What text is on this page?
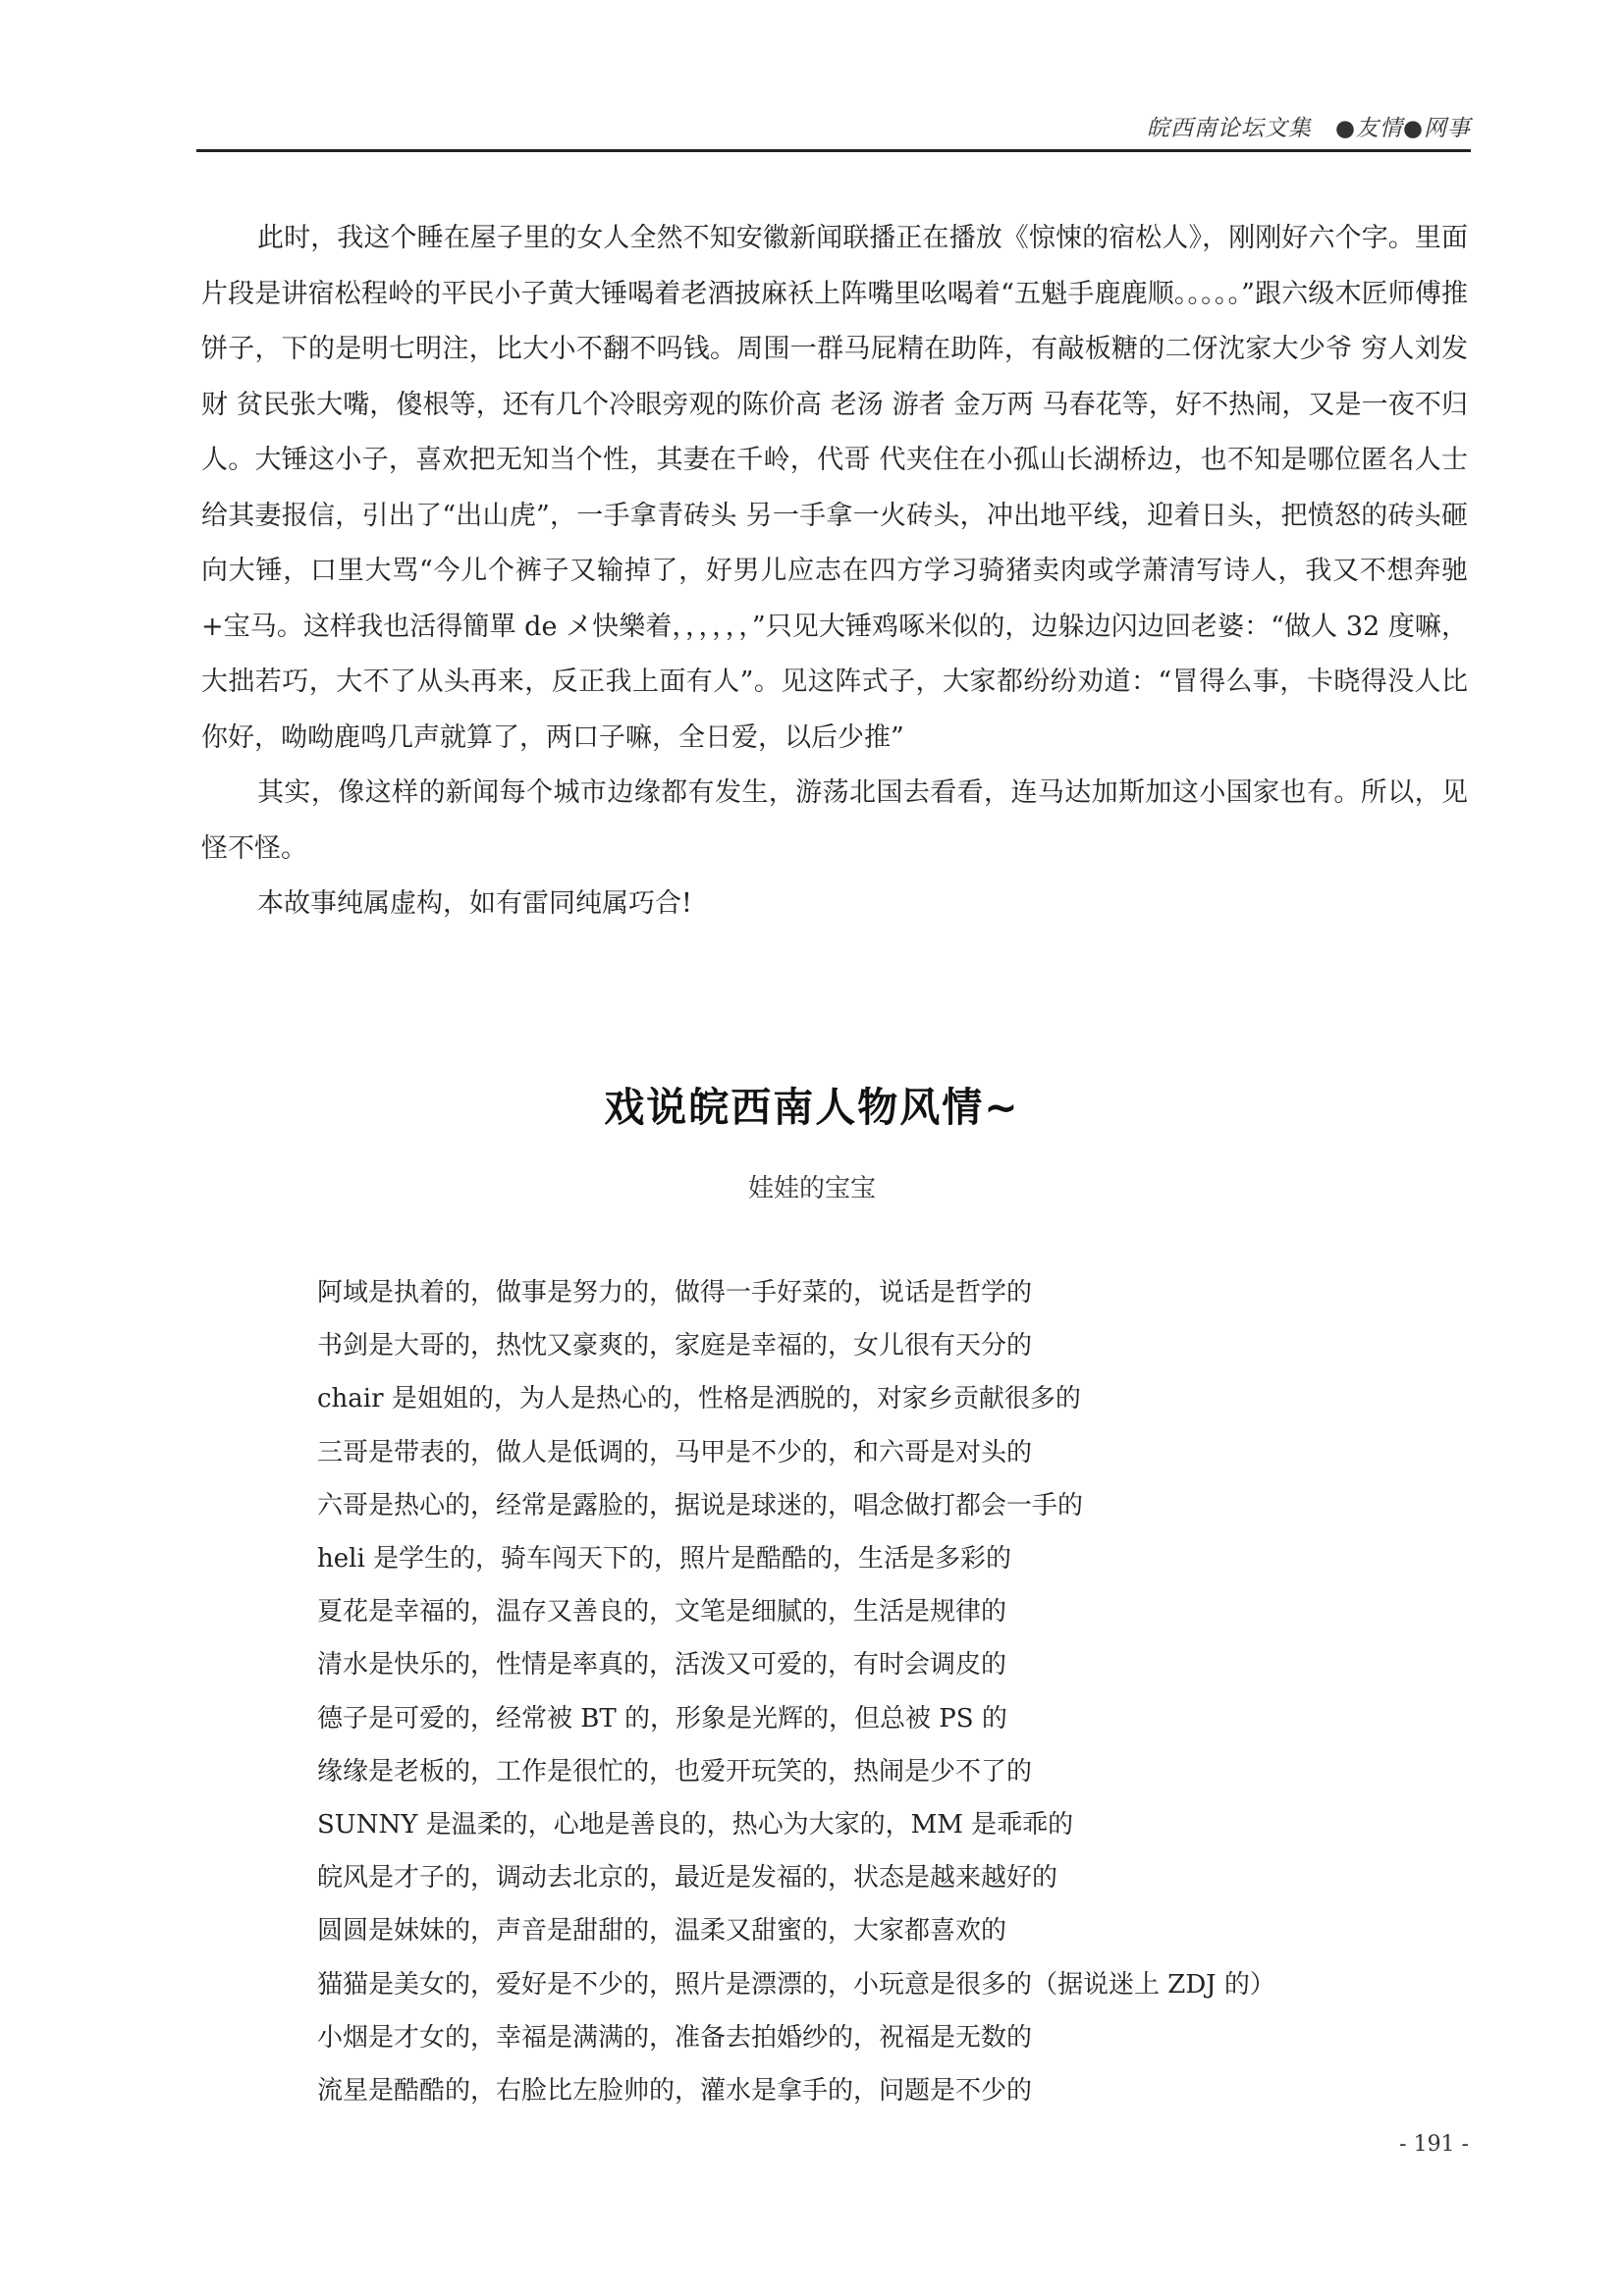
皖西南论坛文集　●友情●网事

此时，我这个睡在屋子里的女人全然不知安徽新闻联播正在播放《惊悚的宿松人》，刚刚好六个字。里面片段是讲宿松程岭的平民小子黄大锤喝着老酒披麻袄上阵嘴里吆喝着“五魁手鹿鹿顺。。。。。”跟六级木匠师傅推饼子，下的是明七明注，比大小不翻不吗钱。周围一群马屁精在助阵，有敲板糖的二伢沈家大少爷 穷人刘发财 贫民张大嘴，傻根等，还有几个冷眼旁观的陈价高 老汤 游者 金万两 马春花等，好不热闹，又是一夜不归人。大锤这小子，喜欢把无知当个性，其妻在千岭，代哥 代夹住在小孤山长湖桥边，也不知是哪位匿名人士给其妻报信，引出了“出山虎”，一手拿青砖头 另一手拿一火砖头，冲出地平线，迎着日头，把愤怒的砖头砸向大锤，口里大骂“今儿个裤子又输掉了，好男儿应志在四方学习骑猪卖肉或学萧清写诗人，我又不想奔驰+宝马。这样我也活得簡單 de メ快樂着，，，，，，”只见大锤鸡啄米似的，边躲边闪边回老婆：“做人 32 度嘛，大拙若巧，大不了从头再来，反正我上面有人”。见这阵式子，大家都纷纷劝道：“冒得么事，卡晓得没人比你好，呦呦鹿鸣几声就算了，两口子嘛，全日爱，以后少推”

其实，像这样的新闻每个城市边缘都有发生，游荡北国去看看，连马达加斯加这小国家也有。所以，见怪不怪。

本故事纯属虚构，如有雷同纯属巧合!

戏说皖西南人物风情~
娃娃的宝宝
阿域是执着的，做事是努力的，做得一手好菜的，说话是哲学的
书剑是大哥的，热忱又豪爽的，家庭是幸福的，女儿很有天分的
chair 是姐姐的，为人是热心的，性格是洒脱的，对家乡贡献很多的
三哥是带表的，做人是低调的，马甲是不少的，和六哥是对头的
六哥是热心的，经常是露脸的，据说是球迷的，唱念做打都会一手的
heli 是学生的，骑车闯天下的，照片是酷酷的，生活是多彩的
夏花是幸福的，温存又善良的，文笔是细腻的，生活是规律的
清水是快乐的，性情是率真的，活泼又可爱的，有时会调皮的
德子是可爱的，经常被 BT 的，形象是光辉的，但总被 PS 的
缘缘是老板的，工作是很忙的，也爱开玩笑的，热闹是少不了的
SUNNY 是温柔的，心地是善良的，热心为大家的，MM 是乖乖的
皖风是才子的，调动去北京的，最近是发福的，状态是越来越好的
圆圆是妹妹的，声音是甜甜的，温柔又甜蜜的，大家都喜欢的
猫猫是美女的，爱好是不少的，照片是漂漂的，小玩意是很多的（据说迷上 ZDJ 的）
小烟是才女的，幸福是满满的，准备去拍婚纱的，祝福是无数的
流星是酷酷的，右脸比左脸帅的，灌水是拿手的，问题是不少的
- 191 -
